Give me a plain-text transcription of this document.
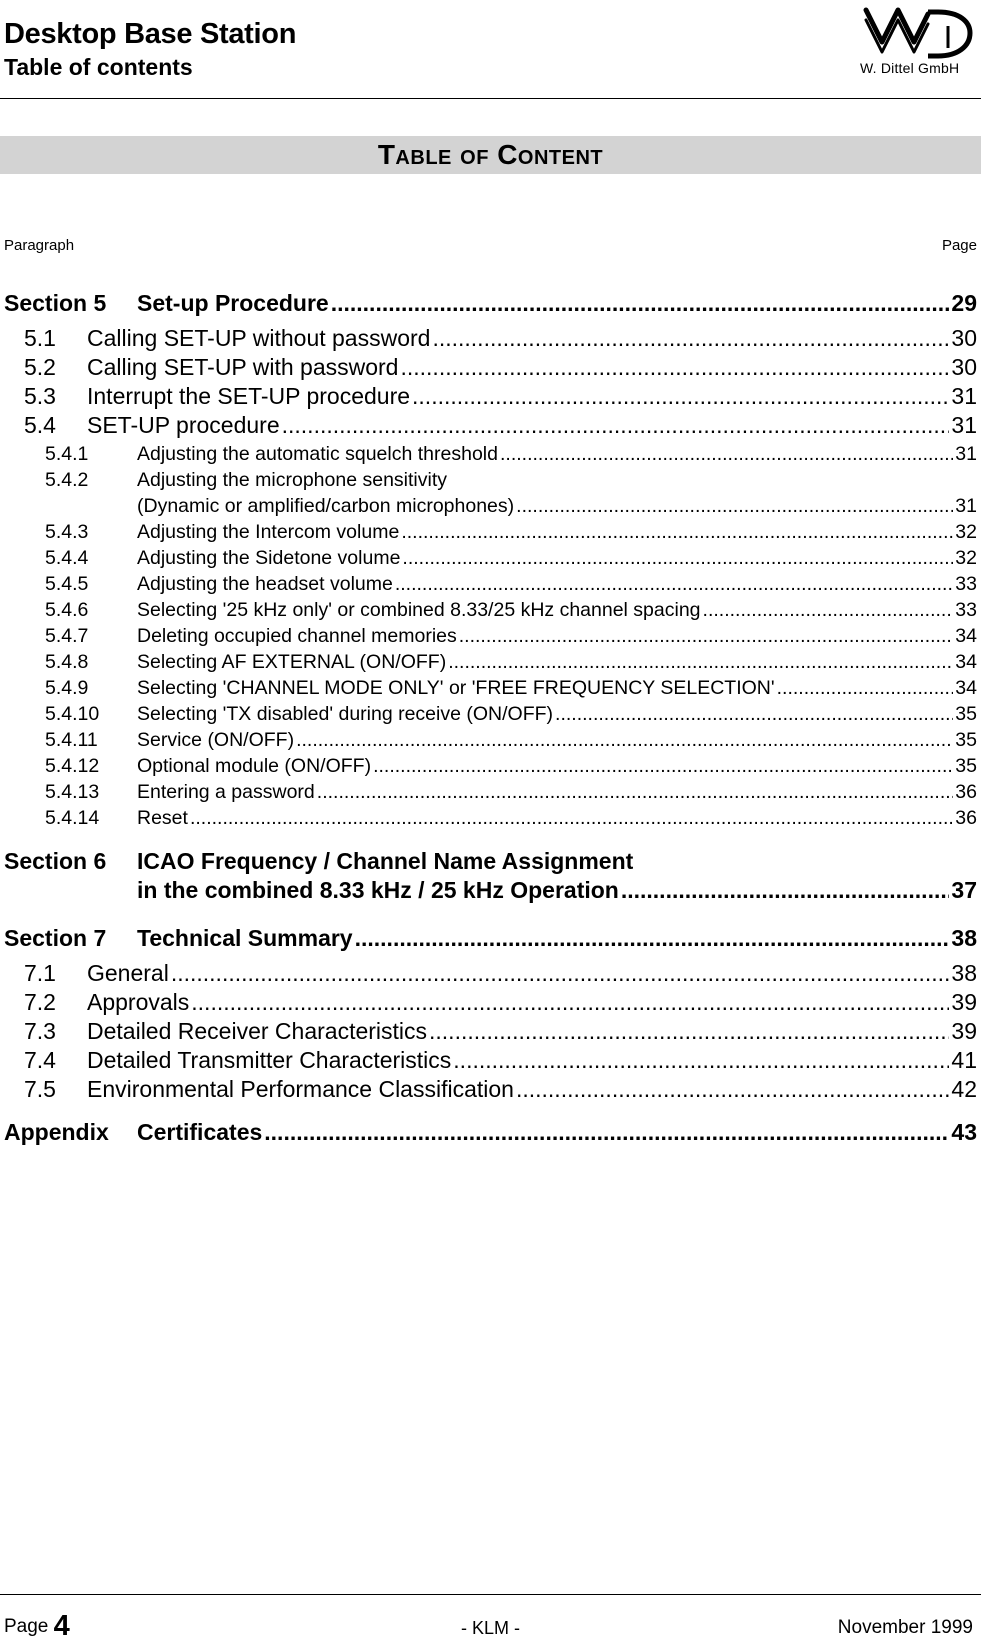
Desktop Base Station
Table of contents	W. Dittel GmbH
Table of Content
Paragraph	Page
Section 5	Set-up Procedure .....	29
5.1	Calling SET-UP without password .....	30
5.2	Calling SET-UP with password .....	30
5.3	Interrupt the SET-UP procedure .....	31
5.4	SET-UP procedure .....	31
5.4.1	Adjusting the automatic squelch threshold .....	31
5.4.2	Adjusting the microphone sensitivity
(Dynamic or amplified/carbon microphones) .....	31
5.4.3	Adjusting the Intercom volume .....	32
5.4.4	Adjusting the Sidetone volume .....	32
5.4.5	Adjusting the headset volume .....	33
5.4.6	Selecting '25 kHz only' or combined 8.33/25 kHz channel spacing .....	33
5.4.7	Deleting occupied channel memories .....	34
5.4.8	Selecting AF EXTERNAL (ON/OFF) .....	34
5.4.9	Selecting 'CHANNEL MODE ONLY' or 'FREE FREQUENCY SELECTION' .....	34
5.4.10	Selecting 'TX disabled' during receive (ON/OFF) .....	35
5.4.11	Service (ON/OFF) .....	35
5.4.12	Optional module (ON/OFF) .....	35
5.4.13	Entering a password .....	36
5.4.14	Reset .....	36
Section 6	ICAO Frequency / Channel Name Assignment
in the combined 8.33 kHz / 25 kHz Operation .....	37
Section 7	Technical Summary .....	38
7.1	General .....	38
7.2	Approvals .....	39
7.3	Detailed Receiver Characteristics .....	39
7.4	Detailed Transmitter Characteristics .....	41
7.5	Environmental Performance Classification .....	42
Appendix	Certificates .....	43
Page 4	- KLM -	November 1999
